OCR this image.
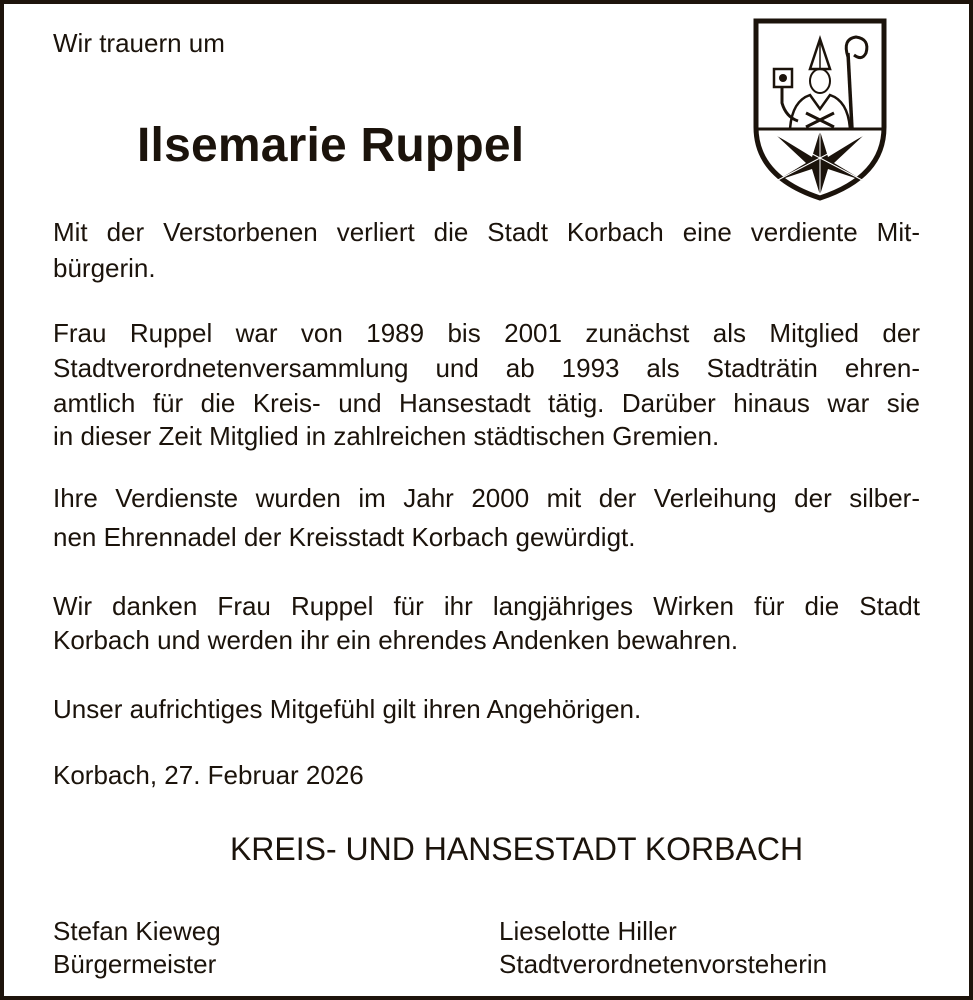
Wir trauern um
Ilsemarie Ruppel
Mit der Verstorbenen verliert die Stadt Korbach eine verdiente Mit-
bürgerin.
Frau Ruppel war von 1989 bis 2001 zunächst als Mitglied der
Stadtverordnetenversammlung und ab 1993 als Stadträtin ehren-
amtlich für die Kreis- und Hansestadt tätig. Darüber hinaus war sie
in dieser Zeit Mitglied in zahlreichen städtischen Gremien.
Ihre Verdienste wurden im Jahr 2000 mit der Verleihung der silber-
nen Ehrennadel der Kreisstadt Korbach gewürdigt.
Wir danken Frau Ruppel für ihr langjähriges Wirken für die Stadt
Korbach und werden ihr ein ehrendes Andenken bewahren.
Unser aufrichtiges Mitgefühl gilt ihren Angehörigen.
Korbach, 27. Februar 2026
KREIS- UND HANSESTADT KORBACH
Stefan Kieweg
Bürgermeister
Lieselotte Hiller
Stadtverordnetenvorsteherin
